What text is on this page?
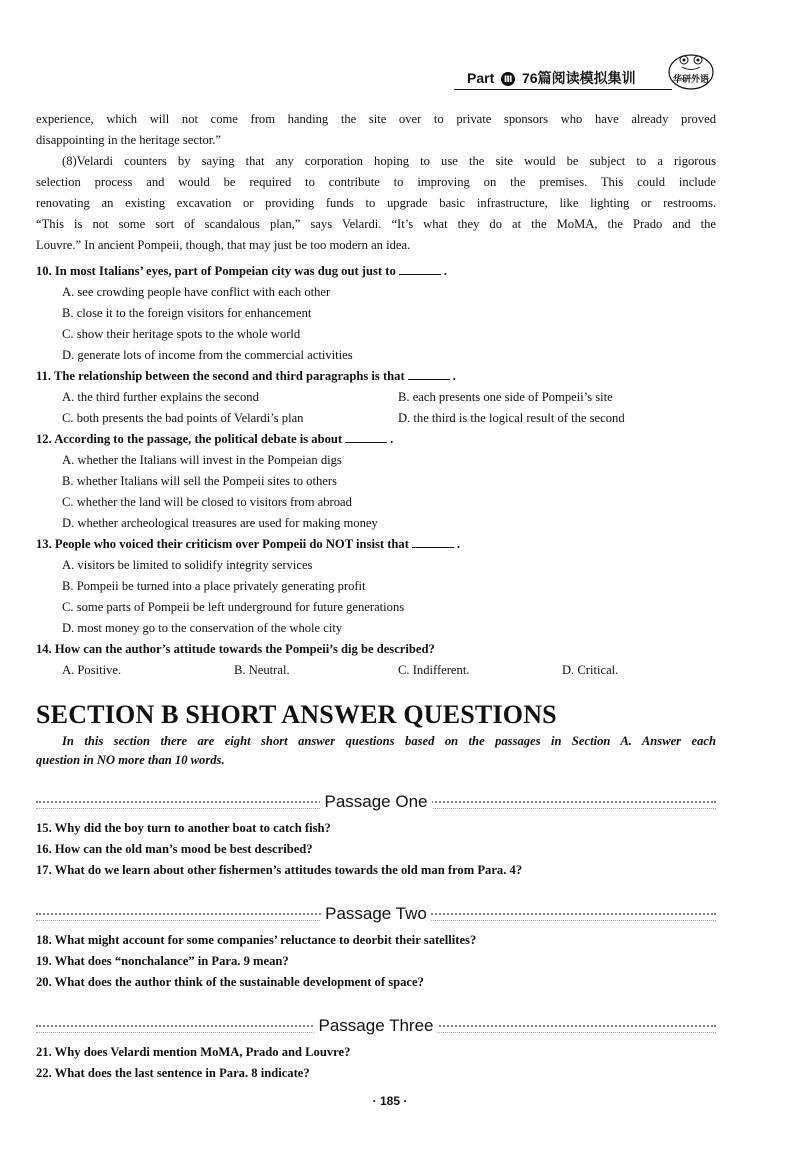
Part Ⅲ 76篇阅读模拟集训	华研外语
experience, which will not come from handing the site over to private sponsors who have already proved
disappointing in the heritage sector.”
(8)Velardi counters by saying that any corporation hoping to use the site would be subject to a rigorous
selection process and would be required to contribute to improving on the premises. This could include
renovating an existing excavation or providing funds to upgrade basic infrastructure, like lighting or restrooms.
“This is not some sort of scandalous plan,” says Velardi. “It’s what they do at the MoMA, the Prado and the
Louvre.” In ancient Pompeii, though, that may just be too modern an idea.
10. In most Italians’ eyes, part of Pompeian city was dug out just to	.
A. see crowding people have conflict with each other
B. close it to the foreign visitors for enhancement
C. show their heritage spots to the whole world
D. generate lots of income from the commercial activities
11. The relationship between the second and third paragraphs is that	.
A. the third further explains the second	B. each presents one side of Pompeii’s site
C. both presents the bad points of Velardi’s plan	D. the third is the logical result of the second
12. According to the passage, the political debate is about	.
A. whether the Italians will invest in the Pompeian digs
B. whether Italians will sell the Pompeii sites to others
C. whether the land will be closed to visitors from abroad
D. whether archeological treasures are used for making money
13. People who voiced their criticism over Pompeii do NOT insist that	.
A. visitors be limited to solidify integrity services
B. Pompeii be turned into a place privately generating profit
C. some parts of Pompeii be left underground for future generations
D. most money go to the conservation of the whole city
14. How can the author’s attitude towards the Pompeii’s dig be described?
A. Positive.	B. Neutral.	C. Indifferent.	D. Critical.
SECTION B SHORT ANSWER QUESTIONS
In this section there are eight short answer questions based on the passages in Section A. Answer each
question in NO more than 10 words.
Passage One
15. Why did the boy turn to another boat to catch fish?
16. How can the old man’s mood be best described?
17. What do we learn about other fishermen’s attitudes towards the old man from Para. 4?
Passage Two
18. What might account for some companies’ reluctance to deorbit their satellites?
19. What does “nonchalance” in Para. 9 mean?
20. What does the author think of the sustainable development of space?
Passage Three
21. Why does Velardi mention MoMA, Prado and Louvre?
22. What does the last sentence in Para. 8 indicate?
· 185 ·
